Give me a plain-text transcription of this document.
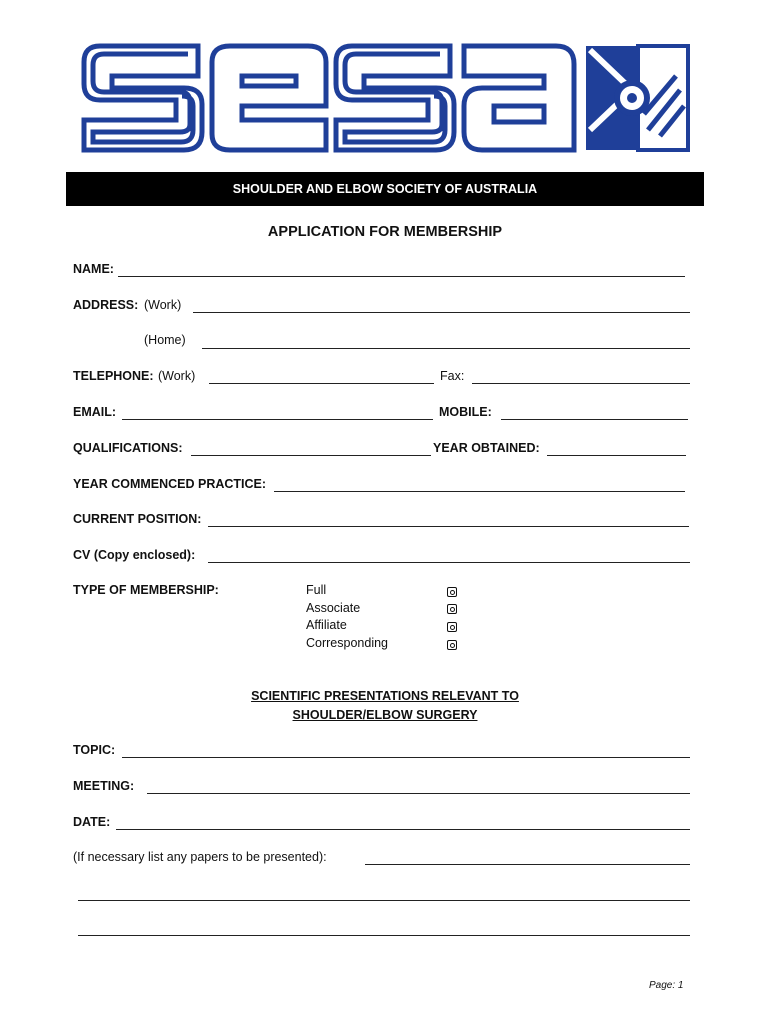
SHOULDER AND ELBOW SOCIETY OF AUSTRALIA
APPLICATION FOR MEMBERSHIP
NAME:
ADDRESS: (Work)
(Home)
TELEPHONE: (Work)	Fax:
EMAIL:	MOBILE:
QUALIFICATIONS:	YEAR OBTAINED:
YEAR COMMENCED PRACTICE:
CURRENT POSITION:
CV (Copy enclosed):
TYPE OF MEMBERSHIP:	Full
Associate
Affiliate
Corresponding
SCIENTIFIC PRESENTATIONS RELEVANT TO
SHOULDER/ELBOW SURGERY
TOPIC:
MEETING:
DATE:
(If necessary list any papers to be presented):
Page: 1
